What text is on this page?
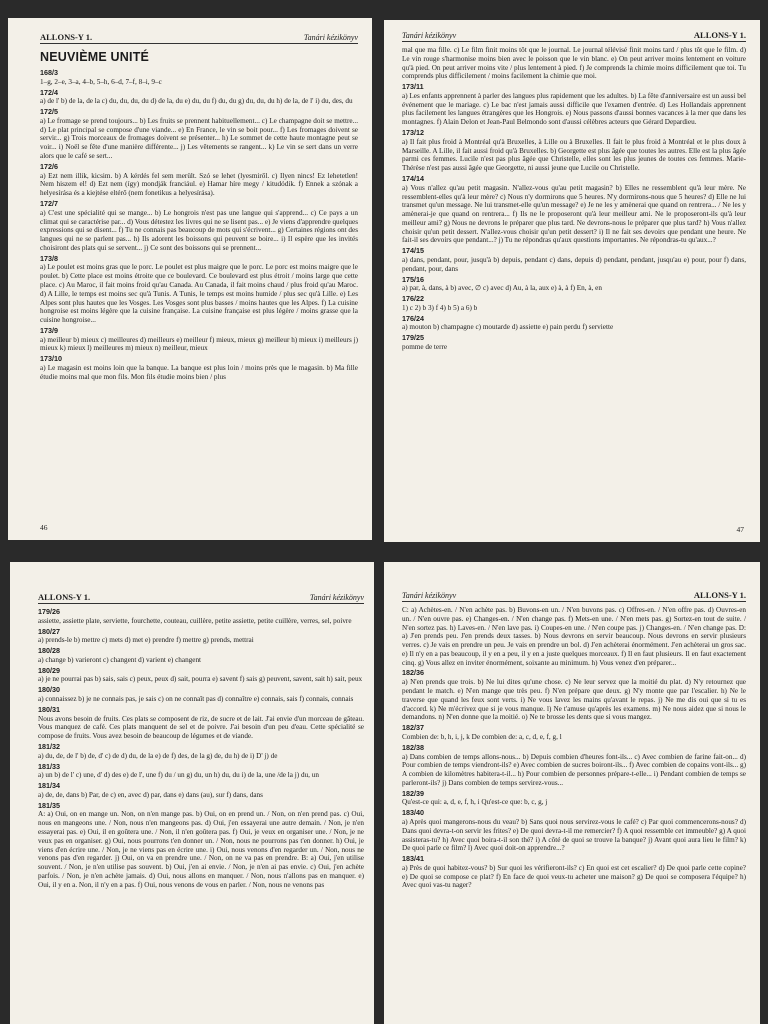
ALLONS-Y 1.	Tanári kézikönyv
NEUVIÈME UNITÉ
168/3
1–g, 2–e, 3–a, 4–b, 5–h, 6–d, 7–f, 8–i, 9–c
172/4
a) de l' b) de la, de la c) du, du, du, du d) de la, du e) du, du f) du, du g) du, du, du h) de la, de l' i) du, des, du
172/5
a) Le fromage se prend toujours... b) Les fruits se prennent habituellement... c) Le champagne doit se mettre... d) Le plat principal se compose d'une viande... e) En France, le vin se boit pour... f) Les fromages doivent se servir... g) Trois morceaux de fromages doivent se présenter... h) Le sommet de cette haute montagne peut se voir... i) Noël se fête d'une manière différente... j) Les vêtements se rangent... k) Le vin se sert dans un verre alors que le café se sert...
172/6
a) Ezt nem illik, kicsim. b) A kérdés fel sem merült. Szó se lehet (lyesmiről. c) Ilyen nincs! Ez lehetetlen! Nem hiszem el! d) Ezt nem (így) mondják franciául. e) Hamar híre megy / kitudódik. f) Ennek a szónak a helyesírása és a kiejtése eltérő (nem fonetikus a helyesírása).
172/7
a) C'est une spécialité qui se mange... b) Le hongrois n'est pas une langue qui s'apprend... c) Ce pays a un climat qui se caractérise par... d) Vous détestez les livres qui ne se lisent pas... e) Je viens d'apprendre quelques expressions qui se disent... f) Tu ne connais pas beaucoup de mots qui s'écrivent... g) Certaines régions ont des langues qui ne se parlent pas... h) Ils adorent les boissons qui peuvent se boire... i) Il espère que les invités choisiront des plats qui se servent... j) Ce sont des boissons qui se prennent...
173/8
a) Le poulet est moins gras que le porc. Le poulet est plus maigre que le porc. Le porc est moins maigre que le poulet. b) Cette place est moins étroite que ce boulevard. Ce boulevard est plus étroit / moins large que cette place. c) Au Maroc, il fait moins froid qu'au Canada. Au Canada, il fait moins chaud / plus froid qu'au Maroc. d) A Lille, le temps est moins sec qu'à Tunis. A Tunis, le temps est moins humide / plus sec qu'à Lille. e) Les Alpes sont plus hautes que les Vosges. Les Vosges sont plus basses / moins hautes que les Alpes. f) La cuisine hongroise est moins légère que la cuisine française. La cuisine française est plus légère / moins grasse que la cuisine hongroise...
173/9
a) meilleur b) mieux c) meilleures d) meilleurs e) meilleur f) mieux, mieux g) meilleur h) mieux i) meilleurs j) mieux k) mieux l) meilleures m) mieux n) meilleur, mieux
173/10
a) Le magasin est moins loin que la banque. La banque est plus loin / moins près que le magasin. b) Ma fille étudie moins mal que mon fils. Mon fils étudie moins bien / plus
46
Tanári kézikönyv	ALLONS-Y 1.
mal que ma fille. c) Le film finit moins tôt que le journal. Le journal télévisé finit moins tard / plus tôt que le film. d) Le vin rouge s'harmonise moins bien avec le poisson que le vin blanc. e) On peut arriver moins lentement en voiture qu'à pied. On peut arriver moins vite / plus lentement à pied. f) Je comprends la chimie moins difficilement que toi. Tu comprends plus difficilement / moins facilement la chimie que moi.
173/11
a) Les enfants apprennent à parler des langues plus rapidement que les adultes. b) La fête d'anniversaire est un aussi bel événement que le mariage. c) Le bac n'est jamais aussi difficile que l'examen d'entrée. d) Les Hollandais apprennent plus facilement les langues étrangères que les Hongrois. e) Nous passons d'aussi bonnes vacances à la mer que dans les montagnes. f) Alain Delon et Jean-Paul Belmondo sont d'aussi célèbres acteurs que Gérard Depardieu.
173/12
a) Il fait plus froid à Montréal qu'à Bruxelles, à Lille ou à Bruxelles. Il fait le plus froid à Montréal et le plus doux à Marseille. A Lille, il fait aussi froid qu'à Bruxelles. b) Georgette est plus âgée que toutes les autres. Elle est la plus âgée parmi ces femmes. Lucile n'est pas plus âgée que Christelle, elles sont les plus jeunes de toutes ces femmes. Marie-Thérèse n'est pas aussi âgée que Georgette, ni aussi jeune que Lucile ou Christelle.
174/14
a) Vous n'allez qu'au petit magasin. N'allez-vous qu'au petit magasin? b) Elles ne ressemblent qu'à leur mère. Ne ressemblent-elles qu'à leur mère? c) Nous n'y dormirons que 5 heures. N'y dormirons-nous que 5 heures? d) Elle ne lui transmet qu'un message. Ne lui transmet-elle qu'un message? e) Je ne les y amènerai que quand on rentrera... / Ne les y amènerai-je que quand on rentrera... f) Ils ne le proposeront qu'à leur meilleur ami. Ne le proposeront-ils qu'à leur meilleur ami? g) Nous ne devrons le préparer que plus tard. Ne devrons-nous le préparer que plus tard? h) Vous n'allez choisir qu'un petit dessert. N'allez-vous choisir qu'un petit dessert? i) Il ne fait ses devoirs que pendant une heure. Ne fait-il ses devoirs que pendant...? j) Tu ne répondras qu'aux questions importantes. Ne répondras-tu qu'aux...?
174/15
a) dans, pendant, pour, jusqu'à b) depuis, pendant c) dans, depuis d) pendant, pendant, jusqu'au e) pour, pour f) dans, pendant, pour, dans
175/16
a) par, à, dans, à b) avec, ∅ c) avec d) Au, à la, aux e) à, à f) En, à, en
176/22
1) c 2) b 3) f 4) b 5) a 6) b
176/24
a) mouton b) champagne c) moutarde d) assiette e) pain perdu f) serviette
179/25
pomme de terre
47
ALLONS-Y 1.	Tanári kézikönyv
179/26
assiette, assiette plate, serviette, fourchette, couteau, cuillère, petite assiette, petite cuillère, verres, sel, poivre
180/27
a) prends-le b) mettre c) mets d) met e) prendre f) mettre g) prends, mettrai
180/28
a) change b) varieront c) changent d) varient e) changent
180/29
a) je ne pourrai pas b) sais, sais c) peux, peux d) sait, pourra e) savent f) sais g) peuvent, savent, sait h) sait, peux
180/30
a) connaissez b) je ne connais pas, je sais c) on ne connaît pas d) connaître e) connais, sais f) connais, connais
180/31
Nous avons besoin de fruits. Ces plats se composent de riz, de sucre et de lait. J'ai envie d'un morceau de gâteau. Vous manquez de café. Ces plats manquent de sel et de poivre. J'ai besoin d'un peu d'eau. Cette spécialité se compose de fruits. Vous avez besoin de beaucoup de légumes et de viande.
181/32
a) du, de, de l' b) de, d' c) de d) du, de la e) de f) des, de la g) de, du h) de i) D' j) de
181/33
a) un b) de l' c) une, d' d) des e) de l', une f) du / un g) du, un h) du, du i) de la, une /de la j) du, un
181/34
a) de, de, dans b) Par, de c) en, avec d) par, dans e) dans (au), sur f) dans, dans
181/35
A: a) Oui, on en mange un. Non, on n'en mange pas. b) Oui, on en prend un. / Non, on n'en prend pas. c) Oui, nous en mangeons une. / Non, nous n'en mangeons pas. d) Oui, j'en essayerai une autre demain. / Non, je n'en essayerai pas. e) Oui, il en goûtera une. / Non, il n'en goûtera pas. f) Oui, je veux en organiser une. / Non, je ne veux pas en organiser. g) Oui, nous pourrons t'en donner un. / Non, nous ne pourrons pas t'en donner. h) Oui, je viens d'en écrire une. / Non, je ne viens pas en écrire une. i) Oui, nous venons d'en regarder un. / Non, nous ne venons pas d'en regarder. j) Oui, on va en prendre une. / Non, on ne va pas en prendre. B: a) Oui, j'en utilise souvent. / Non, je n'en utilise pas souvent. b) Oui, j'en ai envie. / Non, je n'en ai pas envie. c) Oui, j'en achète parfois. / Non, je n'en achète jamais. d) Oui, nous allons en manquer. / Non, nous n'allons pas en manquer. e) Oui, il y en a. Non, il n'y en a pas. f) Oui, nous venons de vous en parler. / Non, nous ne venons pas
Tanári kézikönyv	ALLONS-Y 1.
C: a) Achètes-en. / N'en achète pas. b) Buvons-en un. / N'en buvons pas. c) Offres-en. / N'en offre pas. d) Ouvres-en un. / N'en ouvre pas. e) Changes-en. / N'en change pas. f) Mets-en une. / N'en mets pas. g) Sortez-en tout de suite. / N'en sortez pas. h) Laves-en. / N'en lave pas. i) Coupes-en une. / N'en coupe pas. j) Changes-en. / N'en change pas. D: a) J'en prends peu. J'en prends deux tasses. b) Nous devrons en servir beaucoup. Nous devrons en servir plusieurs verres. c) Je vais en prendre un peu. Je vais en prendre un bol. d) J'en achèterai énormément. J'en achèterai un gros sac. e) Il n'y en a pas beaucoup, il y en a peu, il y en a juste quelques morceaux. f) Il en faut plusieurs. Il en faut exactement cinq. g) Vous allez en inviter énormément, soixante au minimum. h) Vous venez d'en préparer...
182/36
a) N'en prends que trois. b) Ne lui dites qu'une chose. c) Ne leur servez que la moitié du plat. d) N'y retournez que pendant le match. e) N'en mange que très peu. f) N'en prépare que deux. g) N'y monte que par l'escalier. h) Ne le traverse que quand les feux sont verts. i) Ne vous lavez les mains qu'avant le repas. j) Ne me dis oui que si tu es d'accord. k) Ne m'écrivez que si je vous manque. l) Ne t'amuse qu'après les examens. m) Ne nous aidez que si nous le demandons. n) N'en donne que la moitié. o) Ne te brosse les dents que si vous mangez.
182/37
Combien de: b, h, i, j, k De combien de: a, c, d, e, f, g, l
182/38
a) Dans combien de temps allons-nous... b) Depuis combien d'heures font-ils... c) Avec combien de farine fait-on... d) Pour combien de temps viendront-ils? e) Avec combien de sucres boiront-ils... f) Avec combien de copains vont-ils... g) A combien de kilomètres habitera-t-il... h) Pour combien de personnes prépare-t-elle... i) Pendant combien de temps se parleront-ils? j) Dans combien de temps servirez-vous...
182/39
Qu'est-ce qui: a, d, e, f, h, i Qu'est-ce que: b, c, g, j
183/40
a) Après quoi mangerons-nous du veau? b) Sans quoi nous servirez-vous le café? c) Par quoi commencerons-nous? d) Dans quoi devra-t-on servir les frites? e) De quoi devra-t-il me remercier? f) A quoi ressemble cet immeuble? g) A quoi assisteras-tu? h) Avec quoi boira-t-il son thé? i) A côté de quoi se trouve la banque? j) Avant quoi aura lieu le film? k) De quoi parle ce film? l) Avec quoi doit-on apprendre...?
183/41
a) Près de quoi habitez-vous? b) Sur quoi les vérifieront-ils? c) En quoi est cet escalier? d) De quoi parle cette copine? e) De quoi se compose ce plat? f) En face de quoi veux-tu acheter une maison? g) De quoi se composera l'équipe? h) Avec quoi vas-tu nager?
